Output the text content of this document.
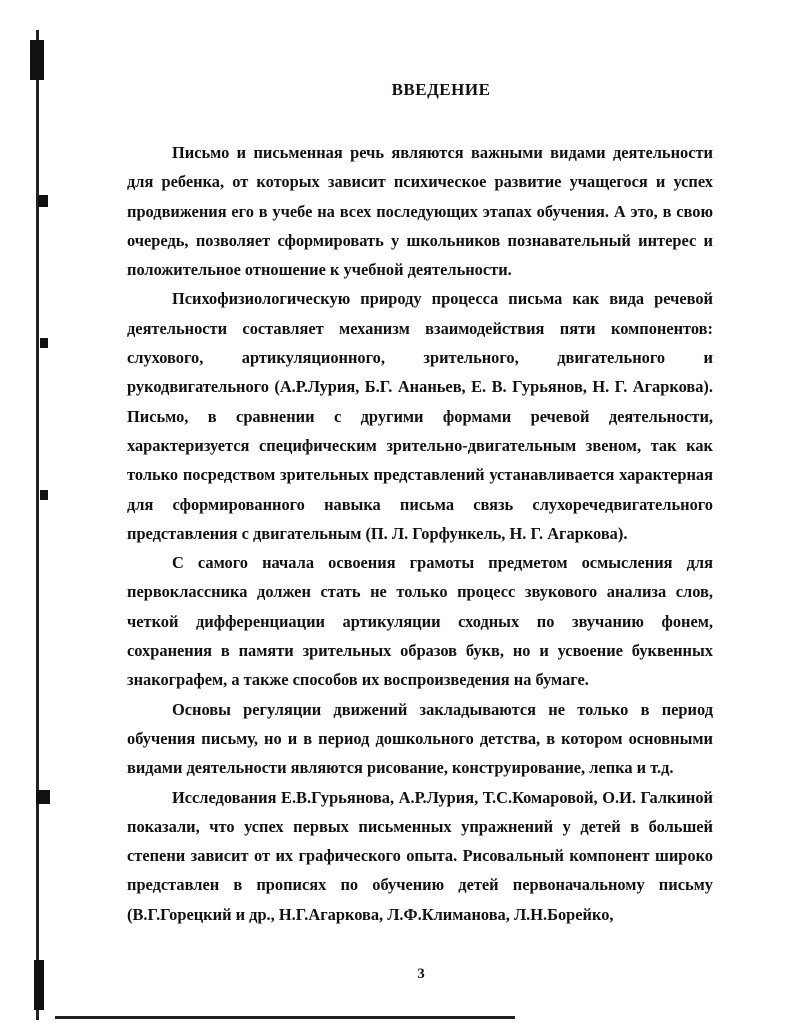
ВВЕДЕНИЕ

Письмо и письменная речь являются важными видами деятельности для ребенка, от которых зависит психическое развитие учащегося и успех продвижения его в учебе на всех последующих этапах обучения. А это, в свою очередь, позволяет сформировать у школьников познавательный интерес и положительное отношение к учебной деятельности.

Психофизиологическую природу процесса письма как вида речевой деятельности составляет механизм взаимодействия пяти компонентов: слухового, артикуляционного, зрительного, двигательного и рукодвигательного (А.Р.Лурия, Б.Г. Ананьев, Е. В. Гурьянов, Н. Г. Агаркова). Письмо, в сравнении с другими формами речевой деятельности, характеризуется специфическим зрительно-двигательным звеном, так как только посредством зрительных представлений устанавливается характерная для сформированного навыка письма связь слухоречедвигательного представления с двигательным (П. Л. Горфункель, Н. Г. Агаркова).

С самого начала освоения грамоты предметом осмысления для первоклассника должен стать не только процесс звукового анализа слов, четкой дифференциации артикуляции сходных по звучанию фонем, сохранения в памяти зрительных образов букв, но и усвоение буквенных знакографем, а также способов их воспроизведения на бумаге.

Основы регуляции движений закладываются не только в период обучения письму, но и в период дошкольного детства, в котором основными видами деятельности являются рисование, конструирование, лепка и т.д.

Исследования Е.В.Гурьянова, А.Р.Лурия, Т.С.Комаровой, О.И. Галкиной показали, что успех первых письменных упражнений у детей в большей степени зависит от их графического опыта. Рисовальный компонент широко представлен в прописях по обучению детей первоначальному письму (В.Г.Горецкий и др., Н.Г.Агаркова, Л.Ф.Климанова, Л.Н.Борейко,

3
